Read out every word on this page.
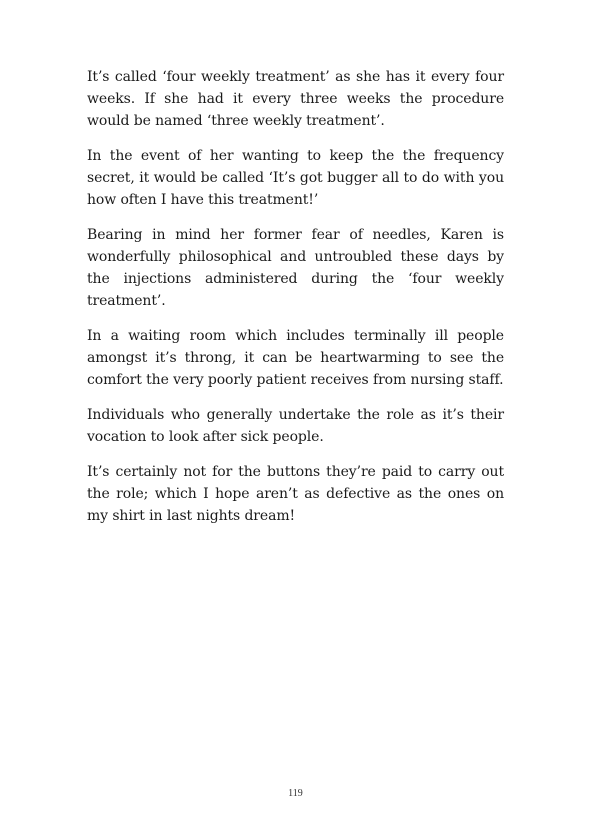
It’s called ‘four weekly treatment’ as she has it every four weeks. If she had it every three weeks the procedure would be named ‘three weekly treatment’.

In the event of her wanting to keep the the frequency secret, it would be called ‘It’s got bugger all to do with you how often I have this treatment!’

Bearing in mind her former fear of needles, Karen is wonderfully philosophical and untroubled these days by the injections administered during the ‘four weekly treatment’.

In a waiting room which includes terminally ill people amongst it’s throng, it can be heartwarming to see the comfort the very poorly patient receives from nursing staff.

Individuals who generally undertake the role as it’s their vocation to look after sick people.

It’s certainly not for the buttons they’re paid to carry out the role; which I hope aren’t as defective as the ones on my shirt in last nights dream!

119
